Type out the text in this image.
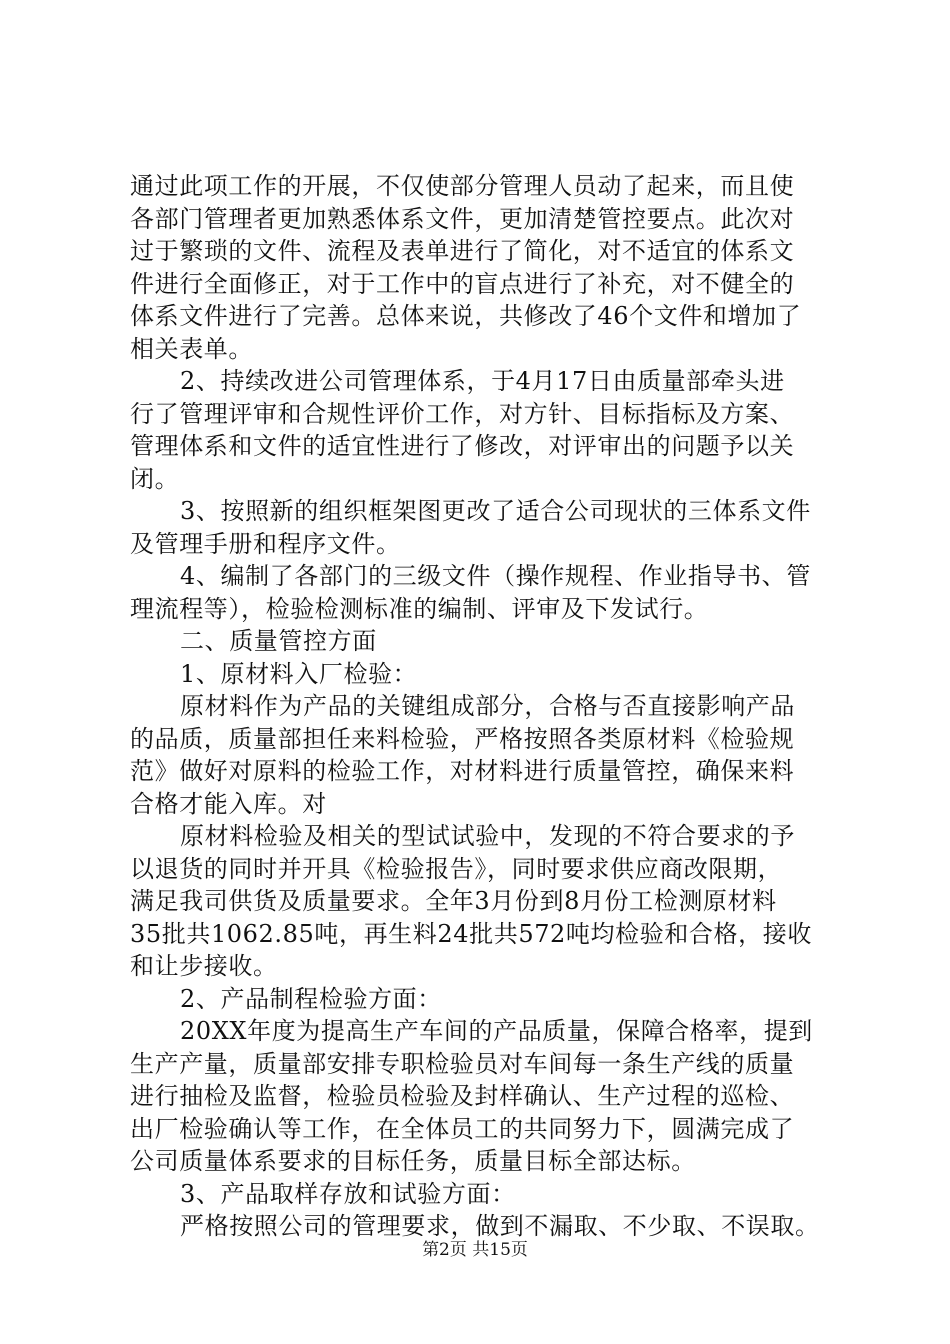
通过此项工作的开展，不仅使部分管理人员动了起来，而且使
各部门管理者更加熟悉体系文件，更加清楚管控要点。此次对
过于繁琐的文件、流程及表单进行了简化，对不适宜的体系文
件进行全面修正，对于工作中的盲点进行了补充，对不健全的
体系文件进行了完善。总体来说，共修改了46个文件和增加了
相关表单。
2、持续改进公司管理体系，于4月17日由质量部牵头进
行了管理评审和合规性评价工作，对方针、目标指标及方案、
管理体系和文件的适宜性进行了修改，对评审出的问题予以关
闭。
3、按照新的组织框架图更改了适合公司现状的三体系文件
及管理手册和程序文件。
4、编制了各部门的三级文件（操作规程、作业指导书、管
理流程等），检验检测标准的编制、评审及下发试行。
二、质量管控方面
1、原材料入厂检验：
原材料作为产品的关键组成部分，合格与否直接影响产品
的品质，质量部担任来料检验，严格按照各类原材料《检验规
范》做好对原料的检验工作，对材料进行质量管控，确保来料
合格才能入库。对
原材料检验及相关的型试试验中，发现的不符合要求的予
以退货的同时并开具《检验报告》，同时要求供应商改限期，
满足我司供货及质量要求。全年3月份到8月份工检测原材料
35批共1062.85吨，再生料24批共572吨均检验和合格，接收
和让步接收。
2、产品制程检验方面：
20XX年度为提高生产车间的产品质量，保障合格率，提到
生产产量，质量部安排专职检验员对车间每一条生产线的质量
进行抽检及监督，检验员检验及封样确认、生产过程的巡检、
出厂检验确认等工作，在全体员工的共同努力下，圆满完成了
公司质量体系要求的目标任务，质量目标全部达标。
3、产品取样存放和试验方面：
严格按照公司的管理要求，做到不漏取、不少取、不误取。
第2页 共15页
